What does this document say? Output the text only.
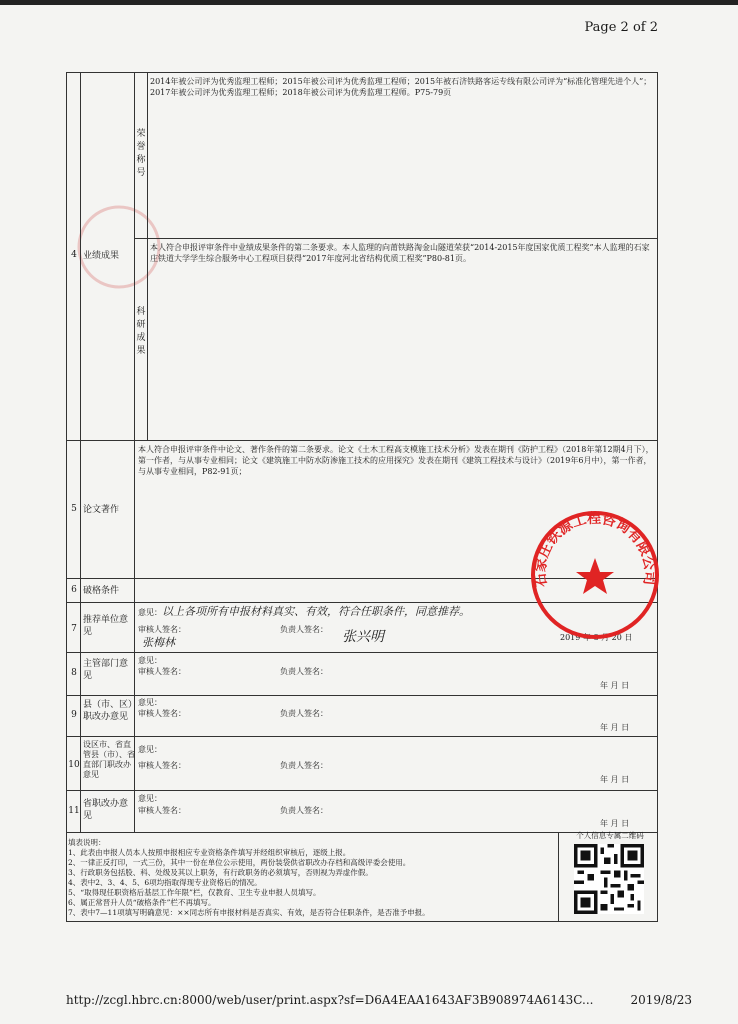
Page 2 of 2
4 业绩成果
荣誉称号
2014年被公司评为优秀监理工程师；2015年被公司评为优秀监理工程师；2015年被石济铁路客运专线有限公司评为“标准化管理先进个人”；2017年被公司评为优秀监理工程师；2018年被公司评为优秀监理工程师。P75-79页
科研成果
本人符合申报评审条件中业绩成果条件的第二条要求。本人监理的向莆铁路淘金山隧道荣获“2014-2015年度国家优质工程奖”本人监理的石家庄铁道大学学生综合服务中心工程项目获得“2017年度河北省结构优质工程奖”P80-81页。
5 论文著作
本人符合申报评审条件中论文、著作条件的第二条要求。论文《土木工程高支模施工技术分析》发表在期刊《防护工程》（2018年第12期4月下），第一作者，与从事专业相同；论文《建筑施工中防水防渗施工技术的应用探究》发表在期刊《建筑工程技术与设计》（2019年6月中），第一作者，与从事专业相同，P82-91页；
6 破格条件
7
推荐单位意见
意见： 以上各项所有申报材料真实、有效，符合任职条件，同意推荐。
审核人签名：
张梅林
负责人签名： 张兴明	2019 年 8 月 20 日
8
主管部门意见
意见：
审核人签名：	负责人签名：
年 月 日
9
县（市、区）职改办意见
意见：
审核人签名：	负责人签名：
年 月 日
10
设区市、省直管县（市）、省直部门职改办意见
意见：
审核人签名：	负责人签名：
年 月 日
11
省职改办意见
意见：
审核人签名：	负责人签名：
年 月 日
填表说明：
1、此表由申报人员本人按照申报相应专业资格条件填写并经组织审核后，逐级上报。
2、一律正反打印，一式三份，其中一份在单位公示使用，两份装袋供省职改办存档和高级评委会使用。
3、行政职务包括股、科、处级及其以上职务，有行政职务的必须填写，否则视为弄虚作假。
4、表中2、3、4、5、6项均指取得现专业资格后的情况。
5、“取得现任职资格后基层工作年限”栏，仅教育、卫生专业申报人员填写。
6、属正常晋升人员“破格条件”栏不再填写。
7、表中7—11项填写明确意见：××同志所有申报材料是否真实、有效，是否符合任职条件，是否准予申报。
个人信息专属二维码
石家庄铁源工程咨询有限公司
http://zcgl.hbrc.cn:8000/web/user/print.aspx?sf=D6A4EAA1643AF3B908974A6143C...	2019/8/23
